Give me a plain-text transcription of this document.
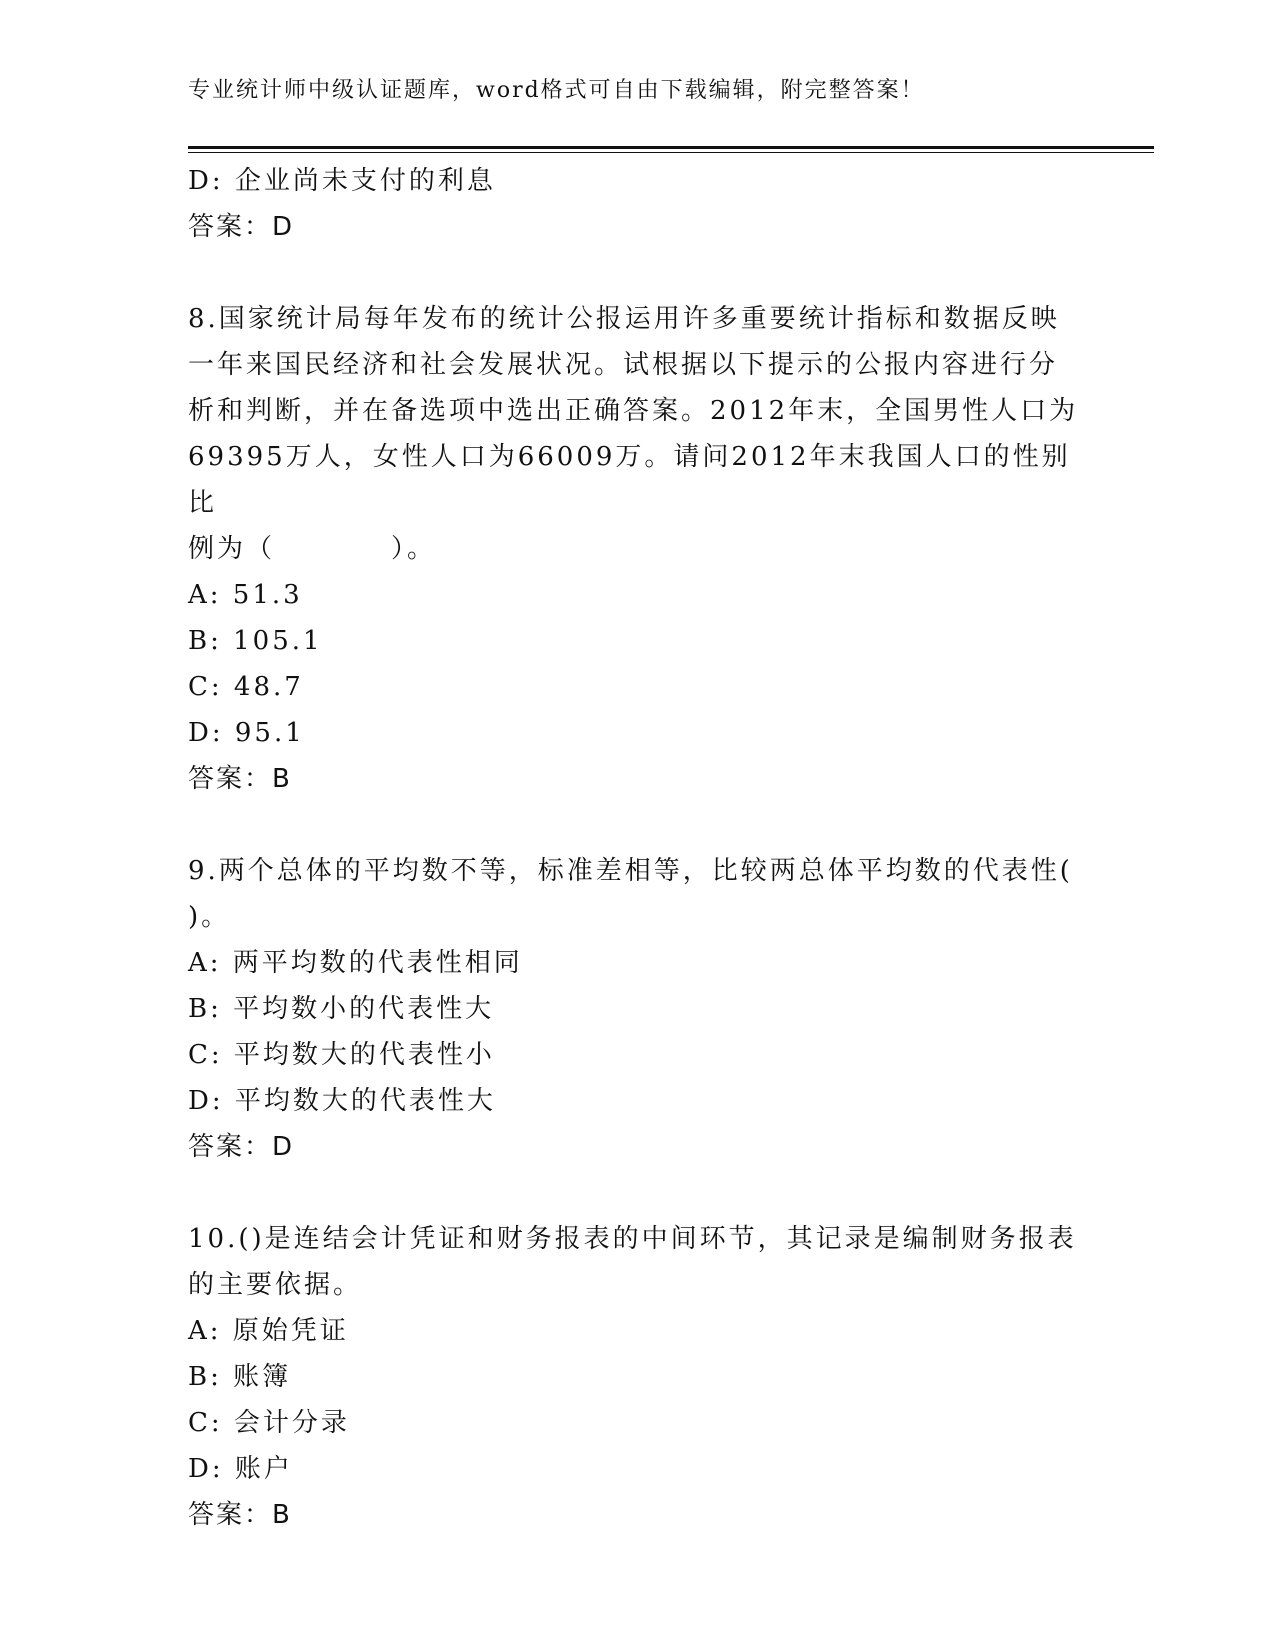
专业统计师中级认证题库，word格式可自由下载编辑，附完整答案！
D: 企业尚未支付的利息
答案：D
8.国家统计局每年发布的统计公报运用许多重要统计指标和数据反映
一年来国民经济和社会发展状况。试根据以下提示的公报内容进行分
析和判断，并在备选项中选出正确答案。2012年末，全国男性人口为
69395万人，女性人口为66009万。请问2012年末我国人口的性别比
例为（　　　　）。
A: 51.3
B: 105.1
C: 48.7
D: 95.1
答案：B
9.两个总体的平均数不等，标准差相等，比较两总体平均数的代表性(
)。
A: 两平均数的代表性相同
B: 平均数小的代表性大
C: 平均数大的代表性小
D: 平均数大的代表性大
答案：D
10.()是连结会计凭证和财务报表的中间环节，其记录是编制财务报表
的主要依据。
A: 原始凭证
B: 账簿
C: 会计分录
D: 账户
答案：B
